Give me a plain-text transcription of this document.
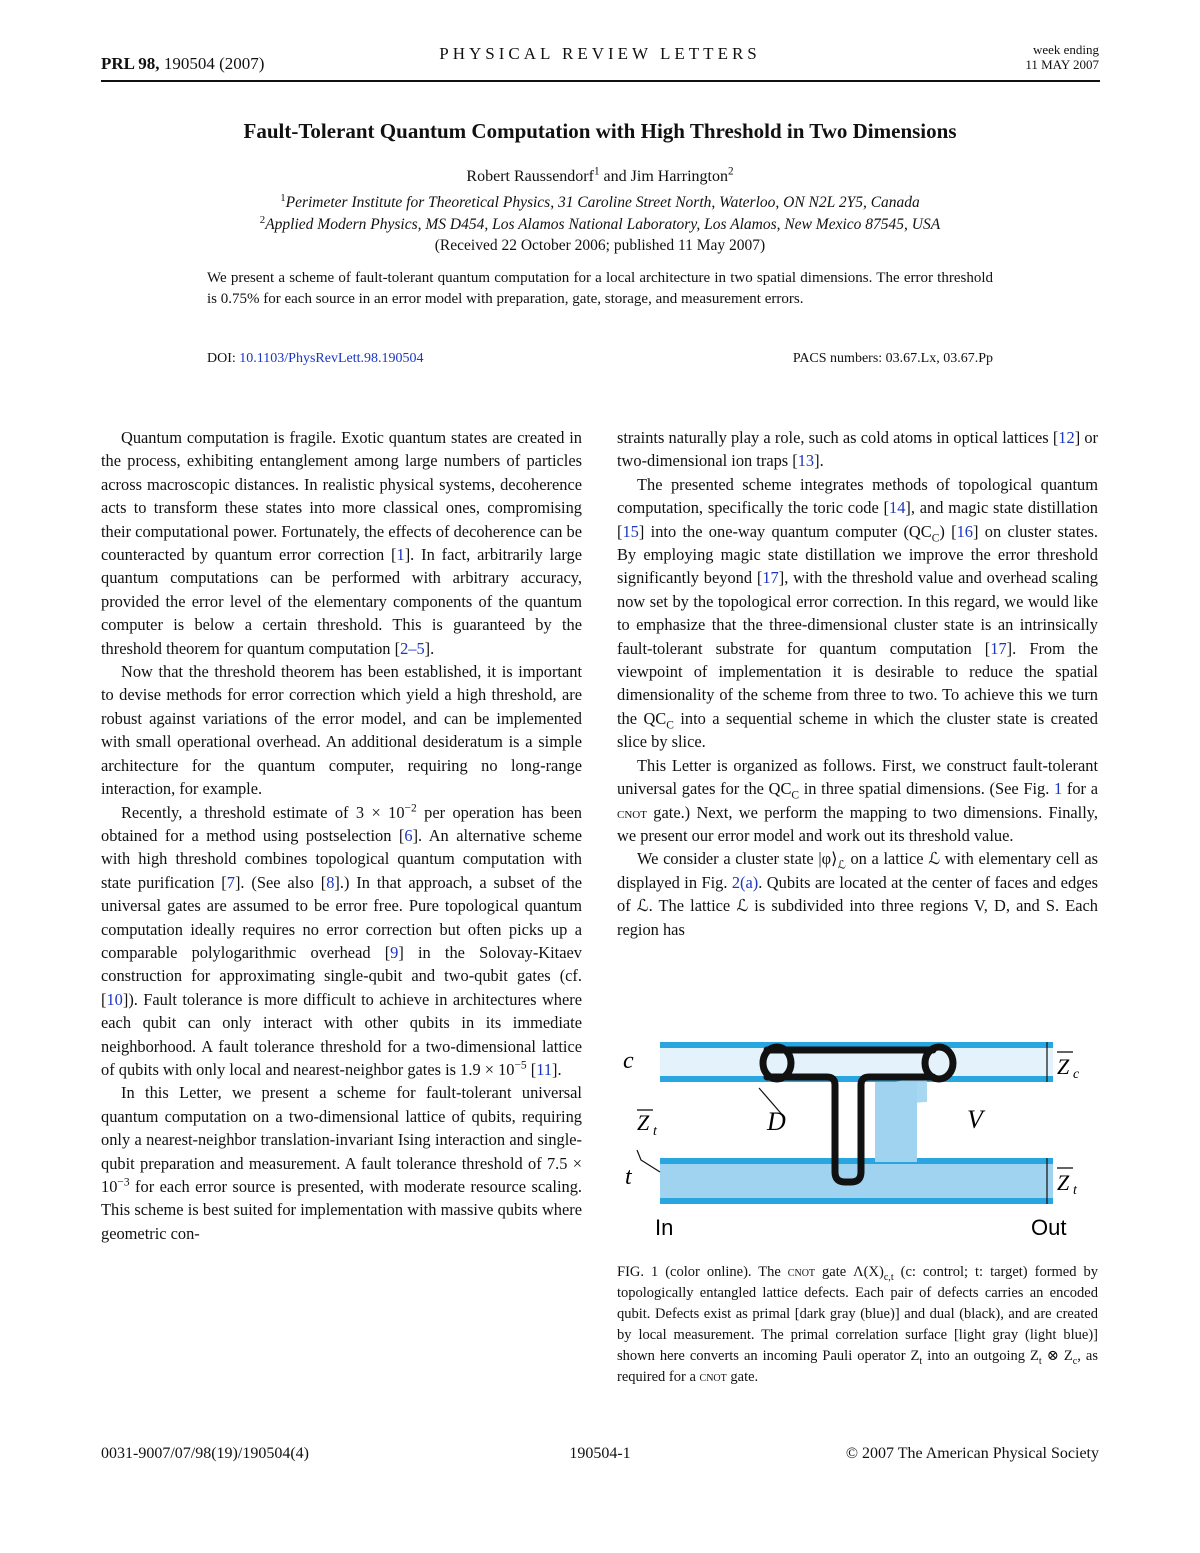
PRL 98, 190504 (2007)
PHYSICAL REVIEW LETTERS	week ending
11 MAY 2007
Fault-Tolerant Quantum Computation with High Threshold in Two Dimensions
Robert Raussendorf$^1$ and Jim Harrington$^2$
$^1$Perimeter Institute for Theoretical Physics, 31 Caroline Street North, Waterloo, ON N2L 2Y5, Canada
$^2$Applied Modern Physics, MS D454, Los Alamos National Laboratory, Los Alamos, New Mexico 87545, USA
(Received 22 October 2006; published 11 May 2007)
We present a scheme of fault-tolerant quantum computation for a local architecture in two spatial dimensions. The error threshold is 0.75% for each source in an error model with preparation, gate, storage, and measurement errors.
DOI: 10.1103/PhysRevLett.98.190504	PACS numbers: 03.67.Lx, 03.67.Pp

Quantum computation is fragile. Exotic quantum states are created in the process, exhibiting entanglement among large numbers of particles across macroscopic distances. In realistic physical systems, decoherence acts to transform these states into more classical ones, compromising their computational power. Fortunately, the effects of decoherence can be counteracted by quantum error correction [1]. In fact, arbitrarily large quantum computations can be performed with arbitrary accuracy, provided the error level of the elementary components of the quantum computer is below a certain threshold. This is guaranteed by the threshold theorem for quantum computation [2–5].

Now that the threshold theorem has been established, it is important to devise methods for error correction which yield a high threshold, are robust against variations of the error model, and can be implemented with small operational overhead. An additional desideratum is a simple architecture for the quantum computer, requiring no long-range interaction, for example.

Recently, a threshold estimate of $3 \times 10^{-2}$ per operation has been obtained for a method using postselection [6]. An alternative scheme with high threshold combines topological quantum computation with state purification [7]. (See also [8].) In that approach, a subset of the universal gates are assumed to be error free. Pure topological quantum computation ideally requires no error correction but often picks up a comparable polylogarithmic overhead [9] in the Solovay-Kitaev construction for approximating single-qubit and two-qubit gates (cf. [10]). Fault tolerance is more difficult to achieve in architectures where each qubit can only interact with other qubits in its immediate neighborhood. A fault tolerance threshold for a two-dimensional lattice of qubits with only local and nearest-neighbor gates is $1.9 \times 10^{-5}$ [11].

In this Letter, we present a scheme for fault-tolerant universal quantum computation on a two-dimensional lattice of qubits, requiring only a nearest-neighbor translation-invariant Ising interaction and single-qubit preparation and measurement. A fault tolerance threshold of $7.5 \times 10^{-3}$ for each error source is presented, with moderate resource scaling. This scheme is best suited for implementation with massive qubits where geometric con-

straints naturally play a role, such as cold atoms in optical lattices [12] or two-dimensional ion traps [13].

The presented scheme integrates methods of topological quantum computation, specifically the toric code [14], and magic state distillation [15] into the one-way quantum computer $(QC_C)$ [16] on cluster states. By employing magic state distillation we improve the error threshold significantly beyond [17], with the threshold value and overhead scaling now set by the topological error correction. In this regard, we would like to emphasize that the three-dimensional cluster state is an intrinsically fault-tolerant substrate for quantum computation [17]. From the viewpoint of implementation it is desirable to reduce the spatial dimensionality of the scheme from three to two. To achieve this we turn the $QC_C$ into a sequential scheme in which the cluster state is created slice by slice.

This Letter is organized as follows. First, we construct fault-tolerant universal gates for the $QC_C$ in three spatial dimensions. (See Fig. 1 for a cnot gate.) Next, we perform the mapping to two dimensions. Finally, we present our error model and work out its threshold value.

We consider a cluster state $|\varphi⟩_ℒ$ on a lattice ℒ with elementary cell as displayed in Fig. 2(a). Qubits are located at the center of faces and edges of ℒ. The lattice ℒ is subdivided into three regions V, D, and S. Each region has

c
t
Z t	D	V
Z c
Z t
In	Out
FIG. 1 (color online). The cnot gate $\Lambda(X)_{c,t}$ (c: control; t: target) formed by topologically entangled lattice defects. Each pair of defects carries an encoded qubit. Defects exist as primal [dark gray (blue)] and dual (black), and are created by local measurement. The primal correlation surface [light gray (light blue)] shown here converts an incoming Pauli operator $Z_t$ into an outgoing $Z_t$ ⊗ $Z_c$, as required for a cnot gate.
0031-9007/07/98(19)/190504(4)	190504-1	© 2007 The American Physical Society
